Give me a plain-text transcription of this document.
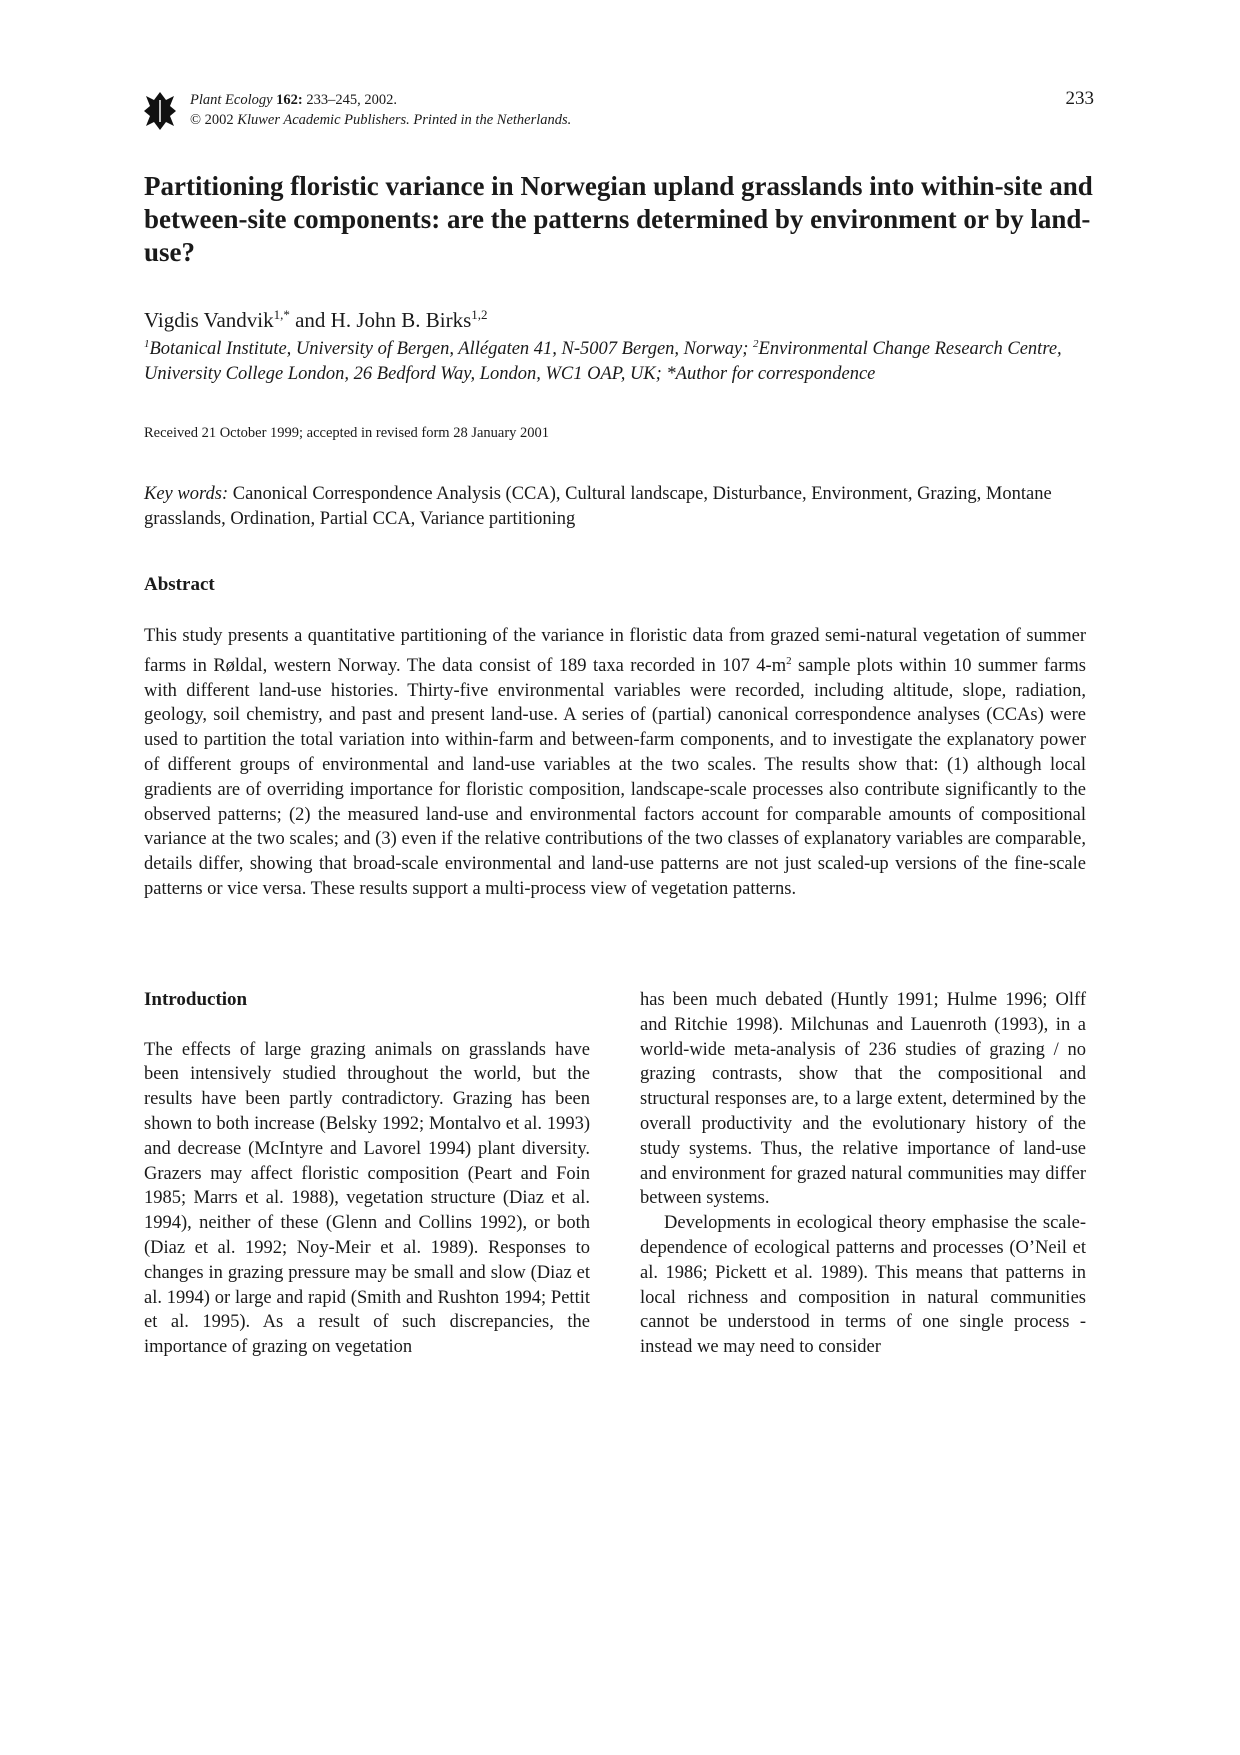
Plant Ecology 162: 233–245, 2002.
© 2002 Kluwer Academic Publishers. Printed in the Netherlands.
233
Partitioning floristic variance in Norwegian upland grasslands into within-site and between-site components: are the patterns determined by environment or by land-use?
Vigdis Vandvik$^{1,*}$ and H. John B. Birks$^{1,2}$
$^1$Botanical Institute, University of Bergen, Allégaten 41, N-5007 Bergen, Norway; $^2$Environmental Change Research Centre, University College London, 26 Bedford Way, London, WC1 OAP, UK; *Author for correspondence
Received 21 October 1999; accepted in revised form 28 January 2001
Key words: Canonical Correspondence Analysis (CCA), Cultural landscape, Disturbance, Environment, Grazing, Montane grasslands, Ordination, Partial CCA, Variance partitioning
Abstract

This study presents a quantitative partitioning of the variance in floristic data from grazed semi-natural vegetation of summer farms in Røldal, western Norway. The data consist of 189 taxa recorded in 107 $4-m^2$ sample plots within 10 summer farms with different land-use histories. Thirty-five environmental variables were recorded, including altitude, slope, radiation, geology, soil chemistry, and past and present land-use. A series of (partial) canonical correspondence analyses (CCAs) were used to partition the total variation into within-farm and between-farm components, and to investigate the explanatory power of different groups of environmental and land-use variables at the two scales. The results show that: (1) although local gradients are of overriding importance for floristic composition, landscape-scale processes also contribute significantly to the observed patterns; (2) the measured land-use and environmental factors account for comparable amounts of compositional variance at the two scales; and (3) even if the relative contributions of the two classes of explanatory variables are comparable, details differ, showing that broad-scale environmental and land-use patterns are not just scaled-up versions of the fine-scale patterns or vice versa. These results support a multi-process view of vegetation patterns.

Introduction

The effects of large grazing animals on grasslands have been intensively studied throughout the world, but the results have been partly contradictory. Grazing has been shown to both increase (Belsky 1992; Montalvo et al. 1993) and decrease (McIntyre and Lavorel 1994) plant diversity. Grazers may affect floristic composition (Peart and Foin 1985; Marrs et al. 1988), vegetation structure (Diaz et al. 1994), neither of these (Glenn and Collins 1992), or both (Diaz et al. 1992; Noy-Meir et al. 1989). Responses to changes in grazing pressure may be small and slow (Diaz et al. 1994) or large and rapid (Smith and Rushton 1994; Pettit et al. 1995). As a result of such discrepancies, the importance of grazing on vegetation

has been much debated (Huntly 1991; Hulme 1996; Olff and Ritchie 1998). Milchunas and Lauenroth (1993), in a world-wide meta-analysis of 236 studies of grazing / no grazing contrasts, show that the compositional and structural responses are, to a large extent, determined by the overall productivity and the evolutionary history of the study systems. Thus, the relative importance of land-use and environment for grazed natural communities may differ between systems.

Developments in ecological theory emphasise the scale-dependence of ecological patterns and processes (O’Neil et al. 1986; Pickett et al. 1989). This means that patterns in local richness and composition in natural communities cannot be understood in terms of one single process - instead we may need to consider
